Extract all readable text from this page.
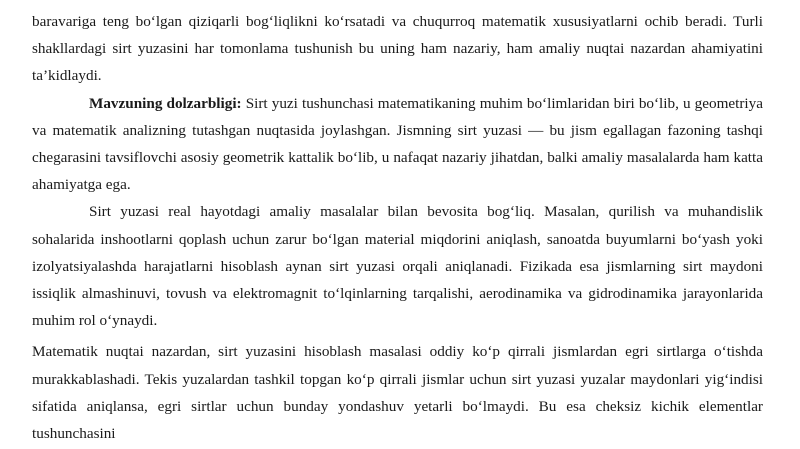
baravariga teng bo‘lgan qiziqarli bog‘liqlikni ko‘rsatadi va chuqurroq matematik xususiyatlarni ochib beradi. Turli shakllardagi sirt yuzasini har tomonlama tushunish bu uning ham nazariy, ham amaliy nuqtai nazardan ahamiyatini ta’kidlaydi.

Mavzuning dolzarbligi: Sirt yuzi tushunchasi matematikaning muhim bo‘limlaridan biri bo‘lib, u geometriya va matematik analizning tutashgan nuqtasida joylashgan. Jismning sirt yuzasi — bu jism egallagan fazoning tashqi chegarasini tavsiflovchi asosiy geometrik kattalik bo‘lib, u nafaqat nazariy jihatdan, balki amaliy masalalarda ham katta ahamiyatga ega.

Sirt yuzasi real hayotdagi amaliy masalalar bilan bevosita bog‘liq. Masalan, qurilish va muhandislik sohalarida inshootlarni qoplash uchun zarur bo‘lgan material miqdorini aniqlash, sanoatda buyumlarni bo‘yash yoki izolyatsiyalashda harajatlarni hisoblash aynan sirt yuzasi orqali aniqlanadi. Fizikada esa jismlarning sirt maydoni issiqlik almashinuvi, tovush va elektromagnit to‘lqinlarning tarqalishi, aerodinamika va gidrodinamika jarayonlarida muhim rol o‘ynaydi.

Matematik nuqtai nazardan, sirt yuzasini hisoblash masalasi oddiy ko‘p qirrali jismlardan egri sirtlarga o‘tishda murakkablashadi. Tekis yuzalardan tashkil topgan ko‘p qirrali jismlar uchun sirt yuzasi yuzalar maydonlari yig‘indisi sifatida aniqlansa, egri sirtlar uchun bunday yondashuv yetarli bo‘lmaydi. Bu esa cheksiz kichik elementlar tushunchasini
